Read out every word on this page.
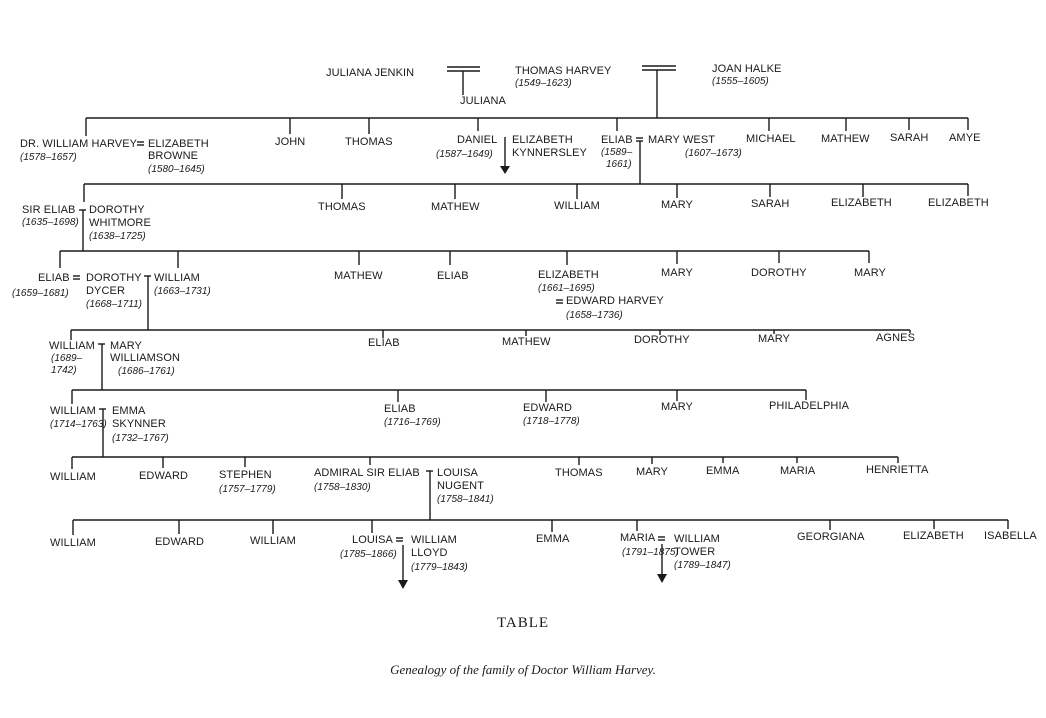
JULIANA JENKIN
JULIANA
THOMAS HARVEY
(1549–1623)
JOAN HALKE
(1555–1605)
DR. WILLIAM HARVEY
(1578–1657)
ELIZABETH
BROWNE
(1580–1645)
JOHN	THOMAS	DANIEL
(1587–1649)
ELIZABETH
KYNNERSLEY
ELIAB
(1589–
1661)
MARY WEST
(1607–1673)
MICHAEL MATHEW SARAH AMYE
SIR ELIAB
(1635–1698)
DOROTHY
WHITMORE
(1638–1725)
THOMAS	MATHEW	WILLIAM	MARY	SARAH	ELIZABETH	ELIZABETH
ELIAB
(1659–1681)
DOROTHY
DYCER
(1668–1711)
WILLIAM
(1663–1731)
MATHEW	ELIAB	ELIZABETH
(1661–1695)
EDWARD HARVEY
(1658–1736)
MARY	DOROTHY	MARY
WILLIAM
(1689–
1742)
MARY
WILLIAMSON
(1686–1761)
ELIAB	MATHEW	DOROTHY	MARY	AGNES
WILLIAM
(1714–1763)
EMMA
SKYNNER
(1732–1767)
ELIAB
(1716–1769)
EDWARD
(1718–1778)
MARY	PHILADELPHIA
WILLIAM	EDWARD	STEPHEN
(1757–1779)
ADMIRAL SIR ELIAB
(1758–1830)
LOUISA
NUGENT
(1758–1841)
THOMAS	MARY	EMMA	MARIA	HENRIETTA
WILLIAM	EDWARD	WILLIAM	LOUISA
(1785–1866)
WILLIAM
LLOYD
(1779–1843)
EMMA	MARIA
(1791–1875)
WILLIAM
TOWER
(1789–1847)
GEORGIANA	ELIZABETH ISABELLA
TABLE
Genealogy of the family of Doctor William Harvey.
